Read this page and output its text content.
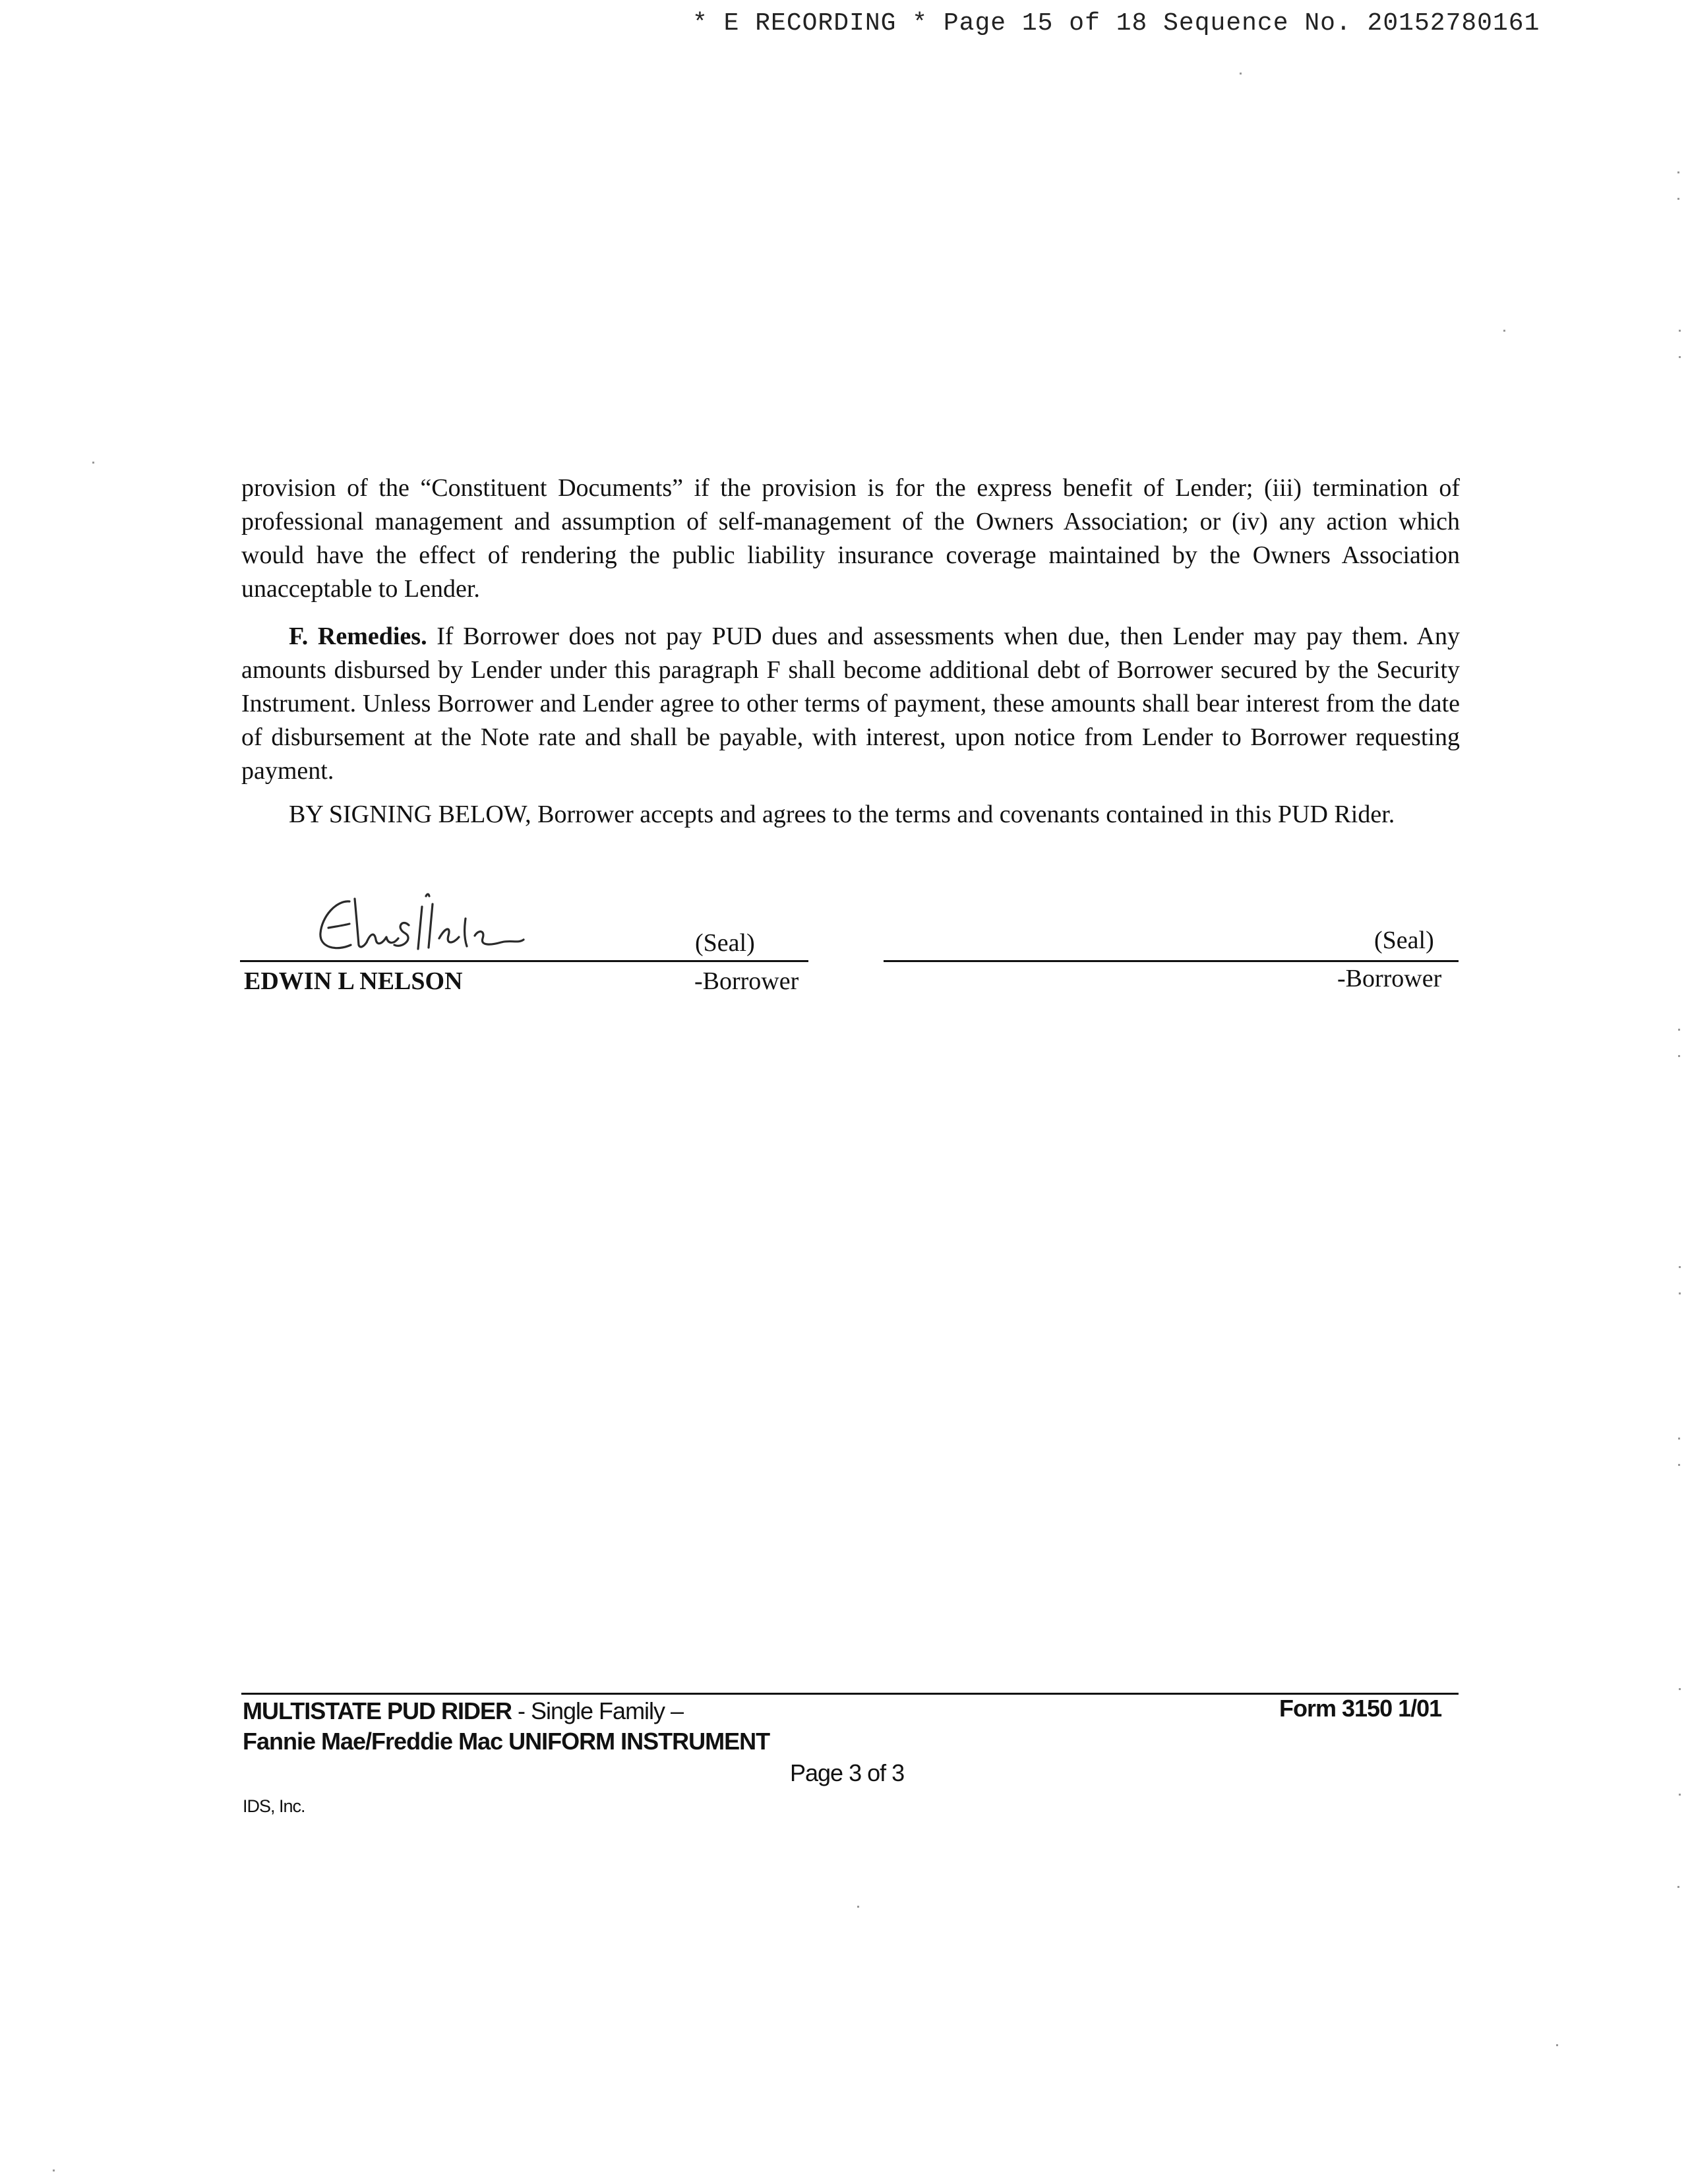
* E RECORDING * Page 15 of 18 Sequence No. 20152780161
provision of the “Constituent Documents” if the provision is for the express benefit of Lender; (iii) termination of professional management and assumption of self-management of the Owners Association; or (iv) any action which would have the effect of rendering the public liability insurance coverage maintained by the Owners Association unacceptable to Lender.
F. Remedies. If Borrower does not pay PUD dues and assessments when due, then Lender may pay them. Any amounts disbursed by Lender under this paragraph F shall become additional debt of Borrower secured by the Security Instrument. Unless Borrower and Lender agree to other terms of payment, these amounts shall bear interest from the date of disbursement at the Note rate and shall be payable, with interest, upon notice from Lender to Borrower requesting payment.
BY SIGNING BELOW, Borrower accepts and agrees to the terms and covenants contained in this PUD Rider.
(Seal)
EDWIN L NELSON	-Borrower
(Seal)
-Borrower
MULTISTATE PUD RIDER - Single Family –
Fannie Mae/Freddie Mac UNIFORM INSTRUMENT
Form 3150 1/01
Page 3 of 3
IDS, Inc.
